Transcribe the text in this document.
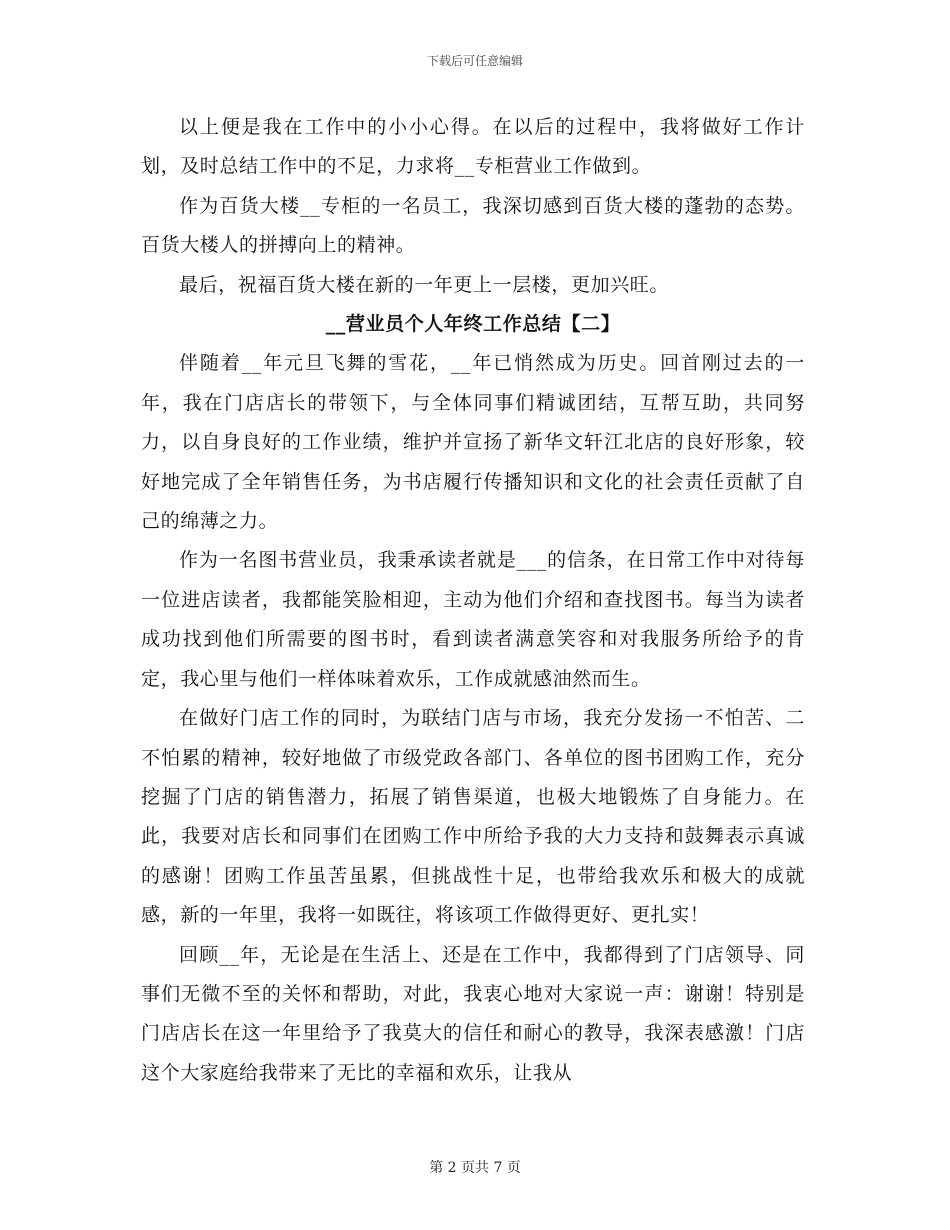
下载后可任意编辑

以上便是我在工作中的小小心得。在以后的过程中，我将做好工作计划，及时总结工作中的不足，力求将__专柜营业工作做到。

作为百货大楼__专柜的一名员工，我深切感到百货大楼的蓬勃的态势。百货大楼人的拼搏向上的精神。

最后，祝福百货大楼在新的一年更上一层楼，更加兴旺。

__营业员个人年终工作总结【二】

伴随着__年元旦飞舞的雪花，__年已悄然成为历史。回首刚过去的一年，我在门店店长的带领下，与全体同事们精诚团结，互帮互助，共同努力，以自身良好的工作业绩，维护并宣扬了新华文轩江北店的良好形象，较好地完成了全年销售任务，为书店履行传播知识和文化的社会责任贡献了自己的绵薄之力。

作为一名图书营业员，我秉承读者就是___的信条，在日常工作中对待每一位进店读者，我都能笑脸相迎，主动为他们介绍和查找图书。每当为读者成功找到他们所需要的图书时，看到读者满意笑容和对我服务所给予的肯定，我心里与他们一样体味着欢乐，工作成就感油然而生。

在做好门店工作的同时，为联结门店与市场，我充分发扬一不怕苦、二不怕累的精神，较好地做了市级党政各部门、各单位的图书团购工作，充分挖掘了门店的销售潜力，拓展了销售渠道，也极大地锻炼了自身能力。在此，我要对店长和同事们在团购工作中所给予我的大力支持和鼓舞表示真诚的感谢！团购工作虽苦虽累，但挑战性十足，也带给我欢乐和极大的成就感，新的一年里，我将一如既往，将该项工作做得更好、更扎实！

回顾__年，无论是在生活上、还是在工作中，我都得到了门店领导、同事们无微不至的关怀和帮助，对此，我衷心地对大家说一声：谢谢！特别是门店店长在这一年里给予了我莫大的信任和耐心的教导，我深表感激！门店这个大家庭给我带来了无比的幸福和欢乐，让我从

第 2 页共 7 页
